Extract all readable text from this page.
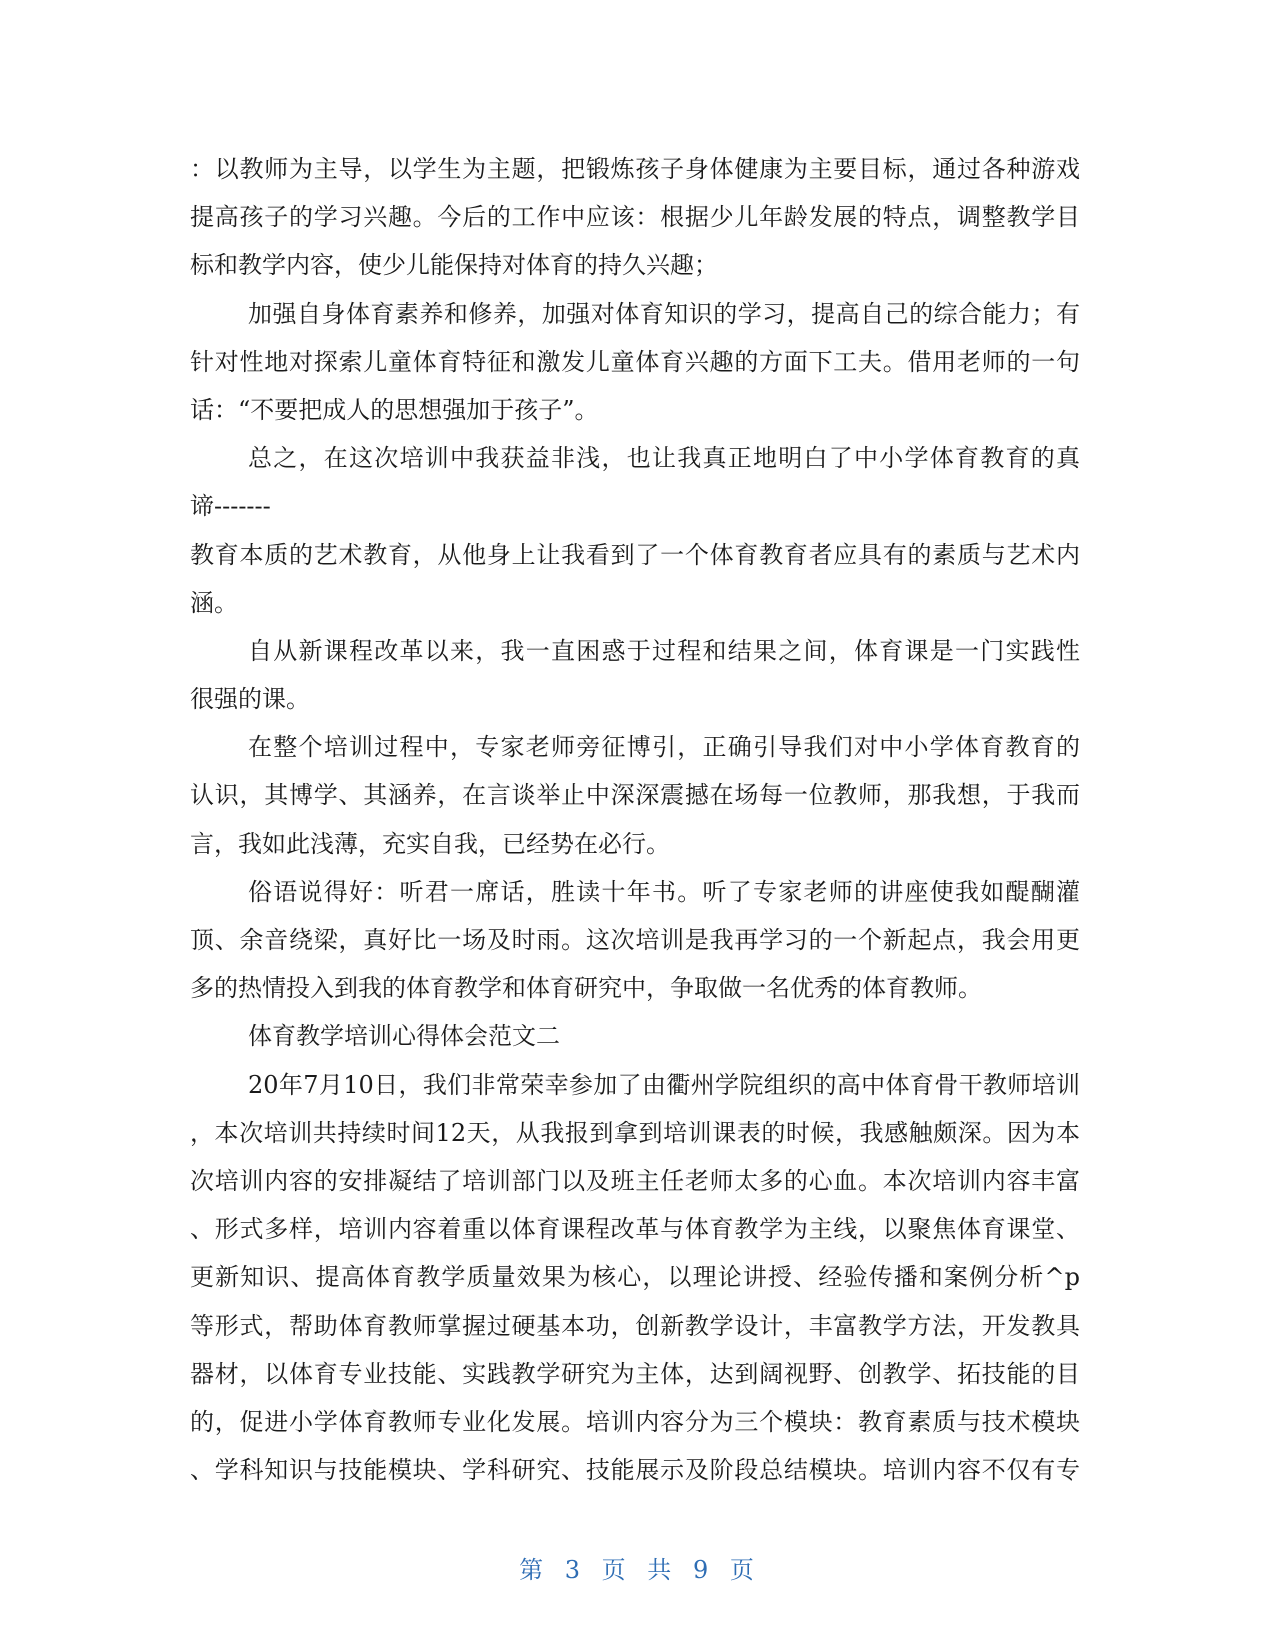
：以教师为主导，以学生为主题，把锻炼孩子身体健康为主要目标，通过各种游戏
提高孩子的学习兴趣。今后的工作中应该：根据少儿年龄发展的特点，调整教学目
标和教学内容，使少儿能保持对体育的持久兴趣；
加强自身体育素养和修养，加强对体育知识的学习，提高自己的综合能力；有
针对性地对探索儿童体育特征和激发儿童体育兴趣的方面下工夫。借用老师的一句
话：“不要把成人的思想强加于孩子”。
总之，在这次培训中我获益非浅，也让我真正地明白了中小学体育教育的真
谛-------
教育本质的艺术教育，从他身上让我看到了一个体育教育者应具有的素质与艺术内
涵。
自从新课程改革以来，我一直困惑于过程和结果之间，体育课是一门实践性
很强的课。
在整个培训过程中，专家老师旁征博引，正确引导我们对中小学体育教育的
认识，其博学、其涵养，在言谈举止中深深震撼在场每一位教师，那我想，于我而
言，我如此浅薄，充实自我，已经势在必行。
俗语说得好：听君一席话，胜读十年书。听了专家老师的讲座使我如醍醐灌
顶、余音绕梁，真好比一场及时雨。这次培训是我再学习的一个新起点，我会用更
多的热情投入到我的体育教学和体育研究中，争取做一名优秀的体育教师。
体育教学培训心得体会范文二
20年7月10日，我们非常荣幸参加了由衢州学院组织的高中体育骨干教师培训
，本次培训共持续时间12天，从我报到拿到培训课表的时候，我感触颇深。因为本
次培训内容的安排凝结了培训部门以及班主任老师太多的心血。本次培训内容丰富
、形式多样，培训内容着重以体育课程改革与体育教学为主线，以聚焦体育课堂、
更新知识、提高体育教学质量效果为核心，以理论讲授、经验传播和案例分析^p
等形式，帮助体育教师掌握过硬基本功，创新教学设计，丰富教学方法，开发教具
器材，以体育专业技能、实践教学研究为主体，达到阔视野、创教学、拓技能的目
的，促进小学体育教师专业化发展。培训内容分为三个模块：教育素质与技术模块
、学科知识与技能模块、学科研究、技能展示及阶段总结模块。培训内容不仅有专
第 3 页 共 9 页
